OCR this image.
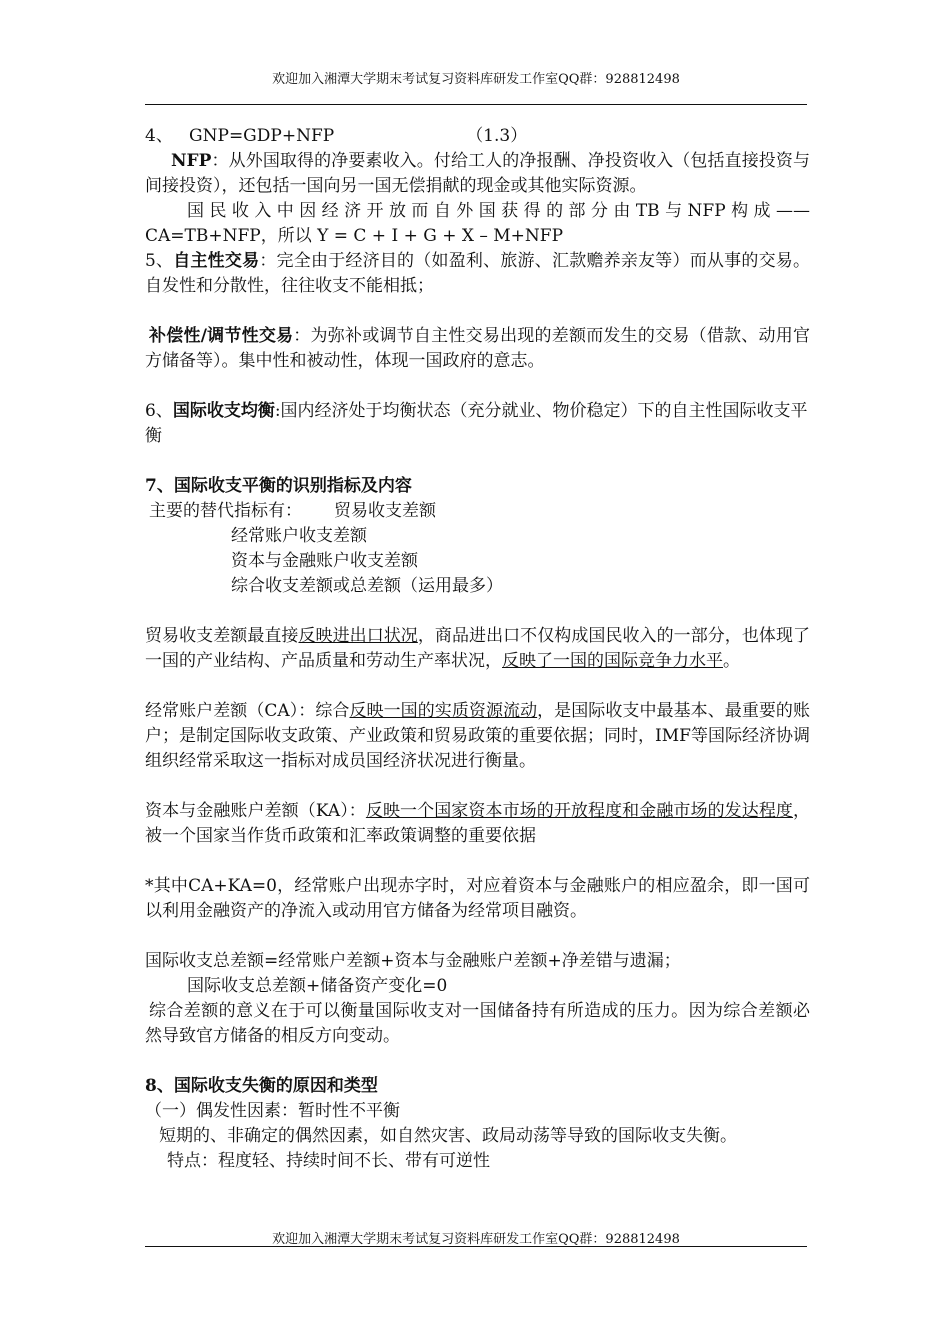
欢迎加入湘潭大学期末考试复习资料库研发工作室QQ群：928812498

4、 GNP=GDP+NFP	（1.3）

NFP：从外国取得的净要素收入。付给工人的净报酬、净投资收入（包括直接投资与间接投资），还包括一国向另一国无偿捐献的现金或其他实际资源。

国民收入中因经济开放而自外国获得的部分由TB与NFP构成——

CA=TB+NFP，所以 Y = C + I + G + X – M+NFP

5、自主性交易：完全由于经济目的（如盈利、旅游、汇款赡养亲友等）而从事的交易。自发性和分散性，往往收支不能相抵；

补偿性/调节性交易：为弥补或调节自主性交易出现的差额而发生的交易（借款、动用官方储备等）。集中性和被动性，体现一国政府的意志。

6、国际收支均衡:国内经济处于均衡状态（充分就业、物价稳定）下的自主性国际收支平衡

7、国际收支平衡的识别指标及内容

主要的替代指标有： 贸易收支差额

经常账户收支差额

资本与金融账户收支差额

综合收支差额或总差额（运用最多）

贸易收支差额最直接反映进出口状况，商品进出口不仅构成国民收入的一部分，也体现了一国的产业结构、产品质量和劳动生产率状况，反映了一国的国际竞争力水平。

经常账户差额（CA）：综合反映一国的实质资源流动，是国际收支中最基本、最重要的账户；是制定国际收支政策、产业政策和贸易政策的重要依据；同时，IMF等国际经济协调组织经常采取这一指标对成员国经济状况进行衡量。

资本与金融账户差额（KA）：反映一个国家资本市场的开放程度和金融市场的发达程度，被一个国家当作货币政策和汇率政策调整的重要依据

*其中CA+KA=0，经常账户出现赤字时，对应着资本与金融账户的相应盈余，即一国可以利用金融资产的净流入或动用官方储备为经常项目融资。

国际收支总差额=经常账户差额+资本与金融账户差额+净差错与遗漏；

国际收支总差额+储备资产变化=0

综合差额的意义在于可以衡量国际收支对一国储备持有所造成的压力。因为综合差额必然导致官方储备的相反方向变动。

8、国际收支失衡的原因和类型

（一）偶发性因素：暂时性不平衡

短期的、非确定的偶然因素，如自然灾害、政局动荡等导致的国际收支失衡。

特点：程度轻、持续时间不长、带有可逆性

欢迎加入湘潭大学期末考试复习资料库研发工作室QQ群：928812498
